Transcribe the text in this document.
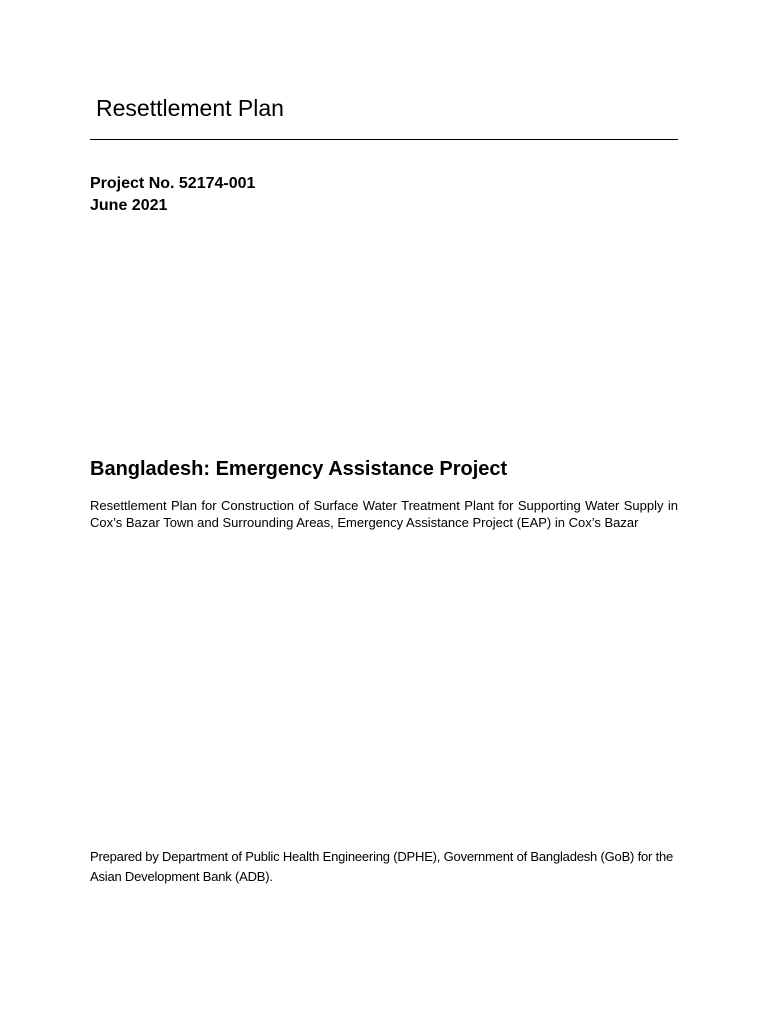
Resettlement Plan
Project No. 52174-001
June 2021
Bangladesh: Emergency Assistance Project

Resettlement Plan for Construction of Surface Water Treatment Plant for Supporting Water Supply in Cox’s Bazar Town and Surrounding Areas, Emergency Assistance Project (EAP) in Cox’s Bazar

Prepared by Department of Public Health Engineering (DPHE), Government of Bangladesh (GoB) for the Asian Development Bank (ADB).
